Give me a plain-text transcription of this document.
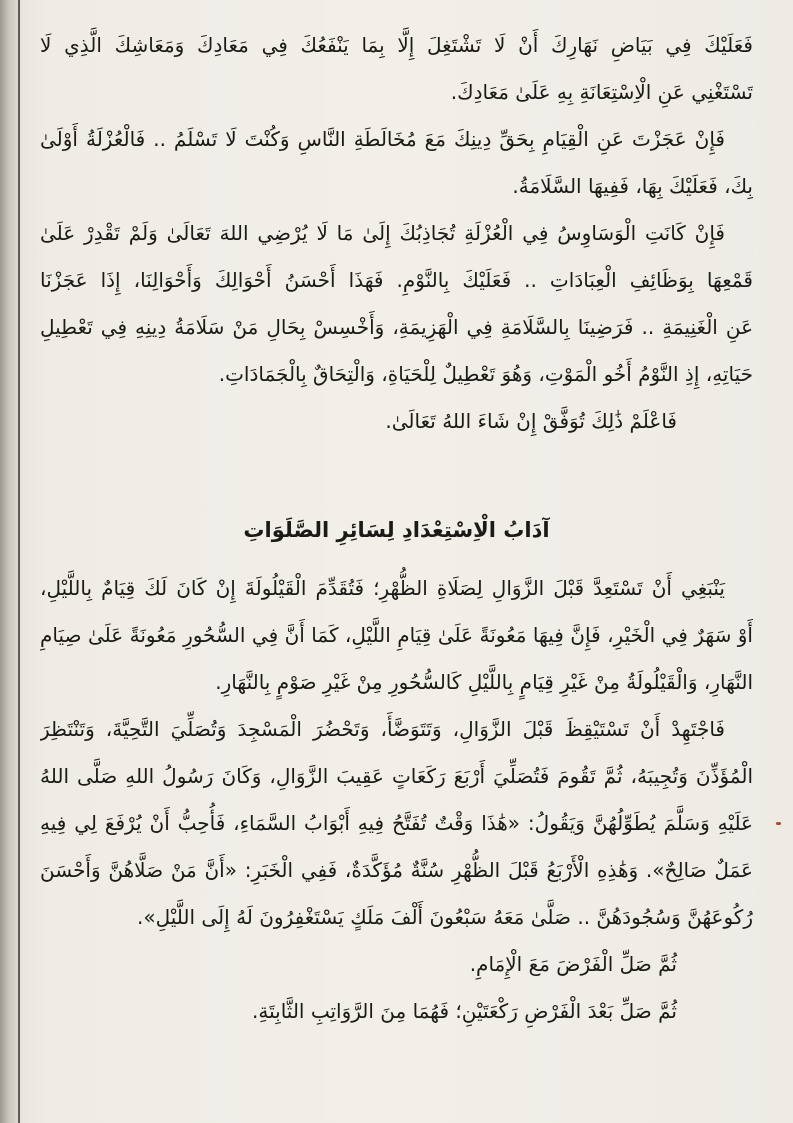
فَعَلَيْكَ فِي بَيَاضِ نَهَارِكَ أَنْ لَا تَشْتَغِلَ إِلَّا بِمَا يَنْفَعُكَ فِي مَعَادِكَ وَمَعَاشِكَ الَّذِي لَا
تَسْتَغْنِي عَنِ الْاِسْتِعَانَةِ بِهِ عَلَىٰ مَعَادِكَ.
فَإِنْ عَجَزْتَ عَنِ الْقِيَامِ بِحَقِّ دِينِكَ مَعَ مُخَالَطَةِ النَّاسِ وَكُنْتَ لَا تَسْلَمُ .. فَالْعُزْلَةُ أَوْلَىٰ
بِكَ، فَعَلَيْكَ بِهَا، فَفِيهَا السَّلَامَةُ.
فَإِنْ كَانَتِ الْوَسَاوِسُ فِي الْعُزْلَةِ تُجَاذِبُكَ إِلَىٰ مَا لَا يُرْضِي اللهَ تَعَالَىٰ وَلَمْ تَقْدِرْ عَلَىٰ
قَمْعِهَا بِوَظَائِفِ الْعِبَادَاتِ .. فَعَلَيْكَ بِالنَّوْمِ. فَهَذَا أَحْسَنُ أَحْوَالِكَ وَأَحْوَالِنَا، إِذَا عَجَزْنَا
عَنِ الْغَنِيمَةِ .. فَرَضِينَا بِالسَّلَامَةِ فِي الْهَزِيمَةِ، وَأَخْسِسْ بِحَالِ مَنْ سَلَامَةُ دِينِهِ فِي تَعْطِيلِ
حَيَاتِهِ، إِذِ النَّوْمُ أَخُو الْمَوْتِ، وَهُوَ تَعْطِيلٌ لِلْحَيَاةِ، وَالْتِحَاقٌ بِالْجَمَادَاتِ.
فَاعْلَمْ ذَٰلِكَ تُوَفَّقْ إِنْ شَاءَ اللهُ تَعَالَىٰ.
آدَابُ الْاِسْتِعْدَادِ لِسَائِرِ الصَّلَوَاتِ
يَنْبَغِي أَنْ تَسْتَعِدَّ قَبْلَ الزَّوَالِ لِصَلَاةِ الظُّهْرِ؛ فَتُقَدِّمَ الْقَيْلُولَةَ إِنْ كَانَ لَكَ قِيَامٌ بِاللَّيْلِ،
أَوْ سَهَرٌ فِي الْخَيْرِ، فَإِنَّ فِيهَا مَعُونَةً عَلَىٰ قِيَامِ اللَّيْلِ، كَمَا أَنَّ فِي السُّحُورِ مَعُونَةً عَلَىٰ صِيَامِ
النَّهَارِ، وَالْقَيْلُولَةُ مِنْ غَيْرِ قِيَامٍ بِاللَّيْلِ كَالسُّحُورِ مِنْ غَيْرِ صَوْمٍ بِالنَّهَارِ.
فَاجْتَهِدْ أَنْ تَسْتَيْقِظَ قَبْلَ الزَّوَالِ، وَتَتَوَضَّأَ، وَتَحْضُرَ الْمَسْجِدَ وَتُصَلِّيَ التَّحِيَّةَ، وَتَنْتَظِرَ
الْمُؤَذِّنَ وَتُجِيبَهُ، ثُمَّ تَقُومَ فَتُصَلِّيَ أَرْبَعَ رَكَعَاتٍ عَقِيبَ الزَّوَالِ، وَكَانَ رَسُولُ اللهِ صَلَّى اللهُ
عَلَيْهِ وَسَلَّمَ يُطَوِّلُهُنَّ وَيَقُولُ: «هَٰذَا وَقْتٌ تُفَتَّحُ فِيهِ أَبْوَابُ السَّمَاءِ، فَأُحِبُّ أَنْ يُرْفَعَ لِي فِيهِ
عَمَلٌ صَالِحٌ». وَهَٰذِهِ الْأَرْبَعُ قَبْلَ الظُّهْرِ سُنَّةٌ مُؤَكَّدَةٌ، فَفِي الْخَبَرِ: «أَنَّ مَنْ صَلَّاهُنَّ وَأَحْسَنَ
رُكُوعَهُنَّ وَسُجُودَهُنَّ .. صَلَّىٰ مَعَهُ سَبْعُونَ أَلْفَ مَلَكٍ يَسْتَغْفِرُونَ لَهُ إِلَى اللَّيْلِ».
ثُمَّ صَلِّ الْفَرْضَ مَعَ الْإِمَامِ.
ثُمَّ صَلِّ بَعْدَ الْفَرْضِ رَكْعَتَيْنِ؛ فَهُمَا مِنَ الرَّوَاتِبِ الثَّابِتَةِ.
